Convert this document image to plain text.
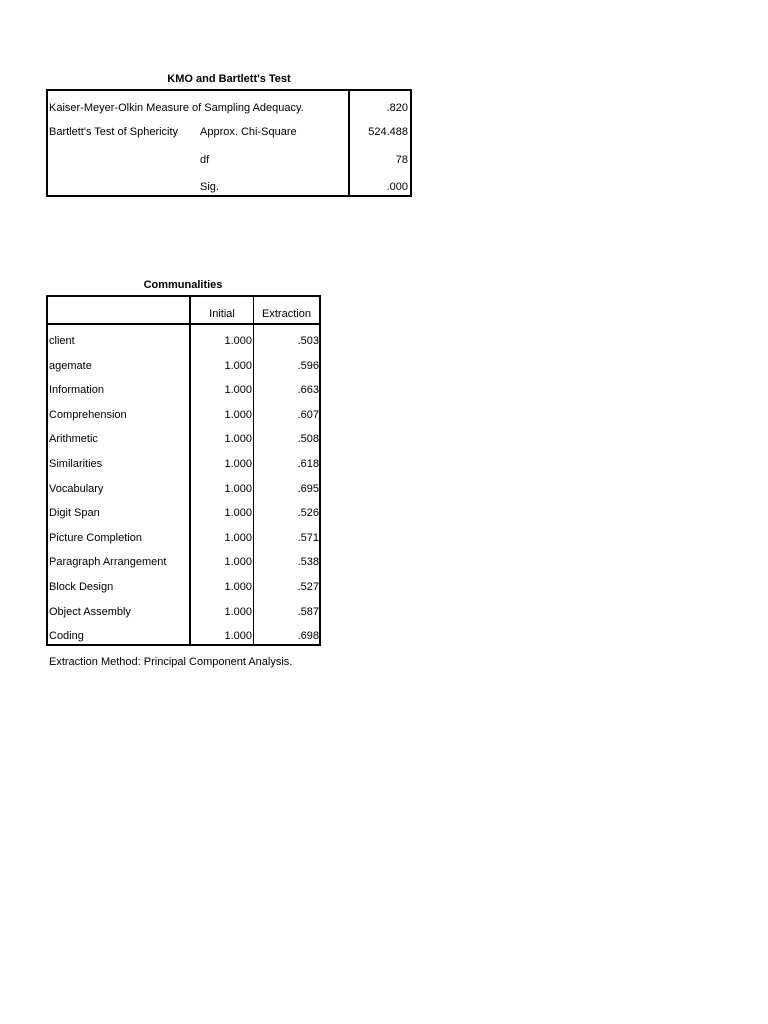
KMO and Bartlett's Test
Kaiser-Meyer-Olkin Measure of Sampling Adequacy.	.820
Bartlett's Test of Sphericity Approx. Chi-Square	524.488
df	78
Sig.	.000
Communalities
Initial	Extraction
client	1.000	.503
agemate	1.000	.596
Information	1.000	.663
Comprehension	1.000	.607
Arithmetic	1.000	.508
Similarities	1.000	.618
Vocabulary	1.000	.695
Digit Span	1.000	.526
Picture Completion	1.000	.571
Paragraph Arrangement	1.000	.538
Block Design	1.000	.527
Object Assembly	1.000	.587
Coding	1.000	.698
Extraction Method: Principal Component Analysis.
